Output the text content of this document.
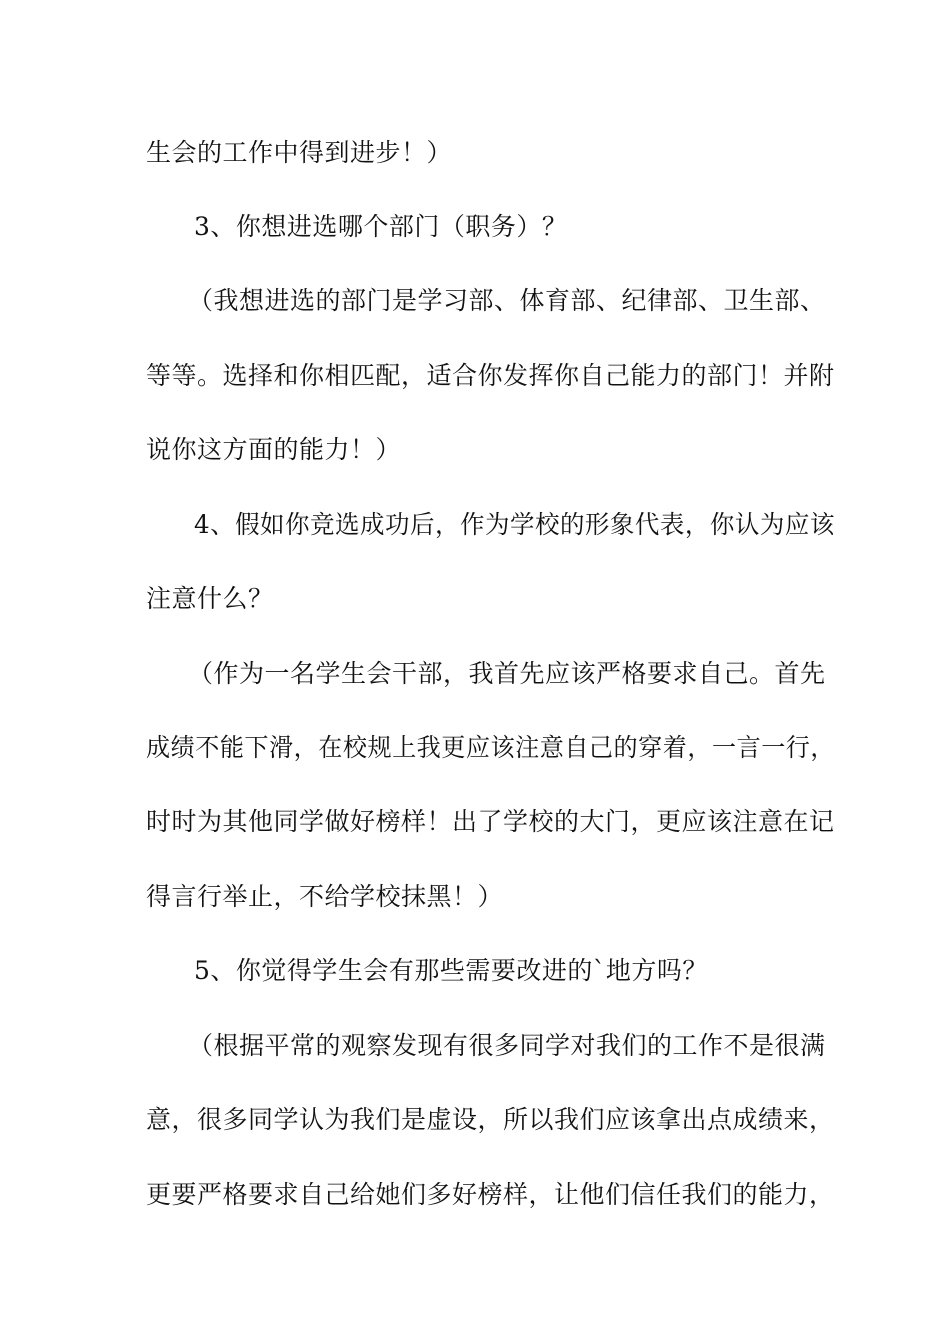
生会的工作中得到进步！）
3、你想进选哪个部门（职务）？
（我想进选的部门是学习部、体育部、纪律部、卫生部、
等等。选择和你相匹配，适合你发挥你自己能力的部门！并附
说你这方面的能力！）
4、假如你竞选成功后，作为学校的形象代表，你认为应该
注意什么？
（作为一名学生会干部，我首先应该严格要求自己。首先
成绩不能下滑，在校规上我更应该注意自己的穿着，一言一行，
时时为其他同学做好榜样！出了学校的大门，更应该注意在记
得言行举止，不给学校抹黑！）
5、你觉得学生会有那些需要改进的`地方吗？
（根据平常的观察发现有很多同学对我们的工作不是很满
意，很多同学认为我们是虚设，所以我们应该拿出点成绩来，
更要严格要求自己给她们多好榜样，让他们信任我们的能力，
